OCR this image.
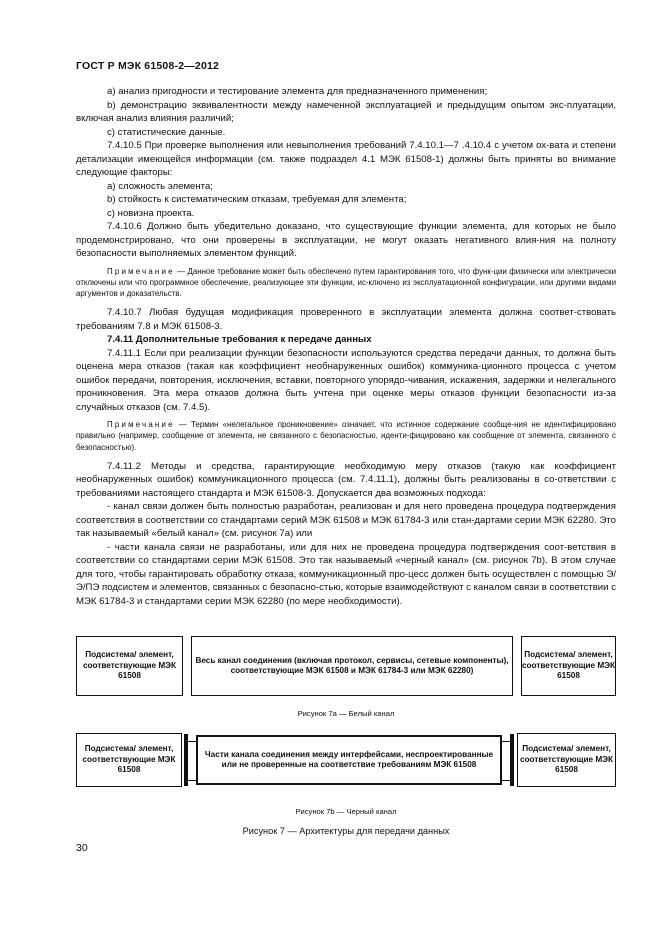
ГОСТ Р МЭК 61508-2—2012

а) анализ пригодности и тестирование элемента для предназначенного применения;

b) демонстрацию эквивалентности между намеченной эксплуатацией и предыдущим опытом экс-плуатации, включая анализ влияния различий;

с) статистические данные.

7.4.10.5 При проверке выполнения или невыполнения требований 7.4.10.1—7 .4.10.4 с учетом ох-вата и степени детализации имеющейся информации (см. также подраздел 4.1 МЭК 61508-1) должны быть приняты во внимание следующие факторы:

а) сложность элемента;

b) стойкость к систематическим отказам, требуемая для элемента;

с) новизна проекта.

7.4.10.6 Должно быть убедительно доказано, что существующие функции элемента, для которых не было продемонстрировано, что они проверены в эксплуатации, не могут оказать негативного влия-ния на полноту безопасности выполняемых элементом функций.

Примечание — Данное требование может быть обеспечено путем гарантирования того, что функ-ции физически или электрически отключены или что программное обеспечение, реализующее эти функции, ис-ключено из эксплуатационной конфигурации, или другими видами аргументов и доказательств.

7.4.10.7 Любая будущая модификация проверенного в эксплуатации элемента должна соответ-ствовать требованиям 7.8 и МЭК 61508-3.

7.4.11 Дополнительные требования к передаче данных

7.4.11.1 Если при реализации функции безопасности используются средства передачи данных, то должна быть оценена мера отказов (такая как коэффициент необнаруженных ошибок) коммуника-ционного процесса с учетом ошибок передачи, повторения, исключения, вставки, повторного упорядо-чивания, искажения, задержки и нелегального проникновения. Эта мера отказов должна быть учтена при оценке меры отказов функции безопасности из-за случайных отказов (см. 7.4.5).

Примечание — Термин «нелегальное проникновение» означает, что истинное содержание сообще-ния не идентифицировано правильно (например, сообщение от элемента, не связанного с безопасностью, иденти-фицировано как сообщение от элемента, связанного с безопасностью).

7.4.11.2 Методы и средства, гарантирующие необходимую меру отказов (такую как коэффициент необнаруженных ошибок) коммуникационного процесса (см. 7.4.11.1), должны быть реализованы в со-ответствии с требованиями настоящего стандарта и МЭК 61508-3. Допускается два возможных подхода:

- канал связи должен быть полностью разработан, реализован и для него проведена процедура подтверждения соответствия в соответствии со стандартами серий МЭК 61508 и МЭК 61784-3 или стан-дартами серии МЭК 62280. Это так называемый «белый канал» (см. рисунок 7а) или

- части канала связи не разработаны, или для них не проведена процедура подтверждения соот-ветствия в соответствии со стандартами серии МЭК 61508. Это так называемый «черный канал» (см. рисунок 7b). В этом случае для того, чтобы гарантировать обработку отказа, коммуникационный про-цесс должен быть осуществлен с помощью Э/Э/ПЭ подсистем и элементов, связанных с безопасно-стью, которые взаимодействуют с каналом связи в соответствии с МЭК 61784-3 и стандартами серии МЭК 62280 (по мере необходимости).

Подсистема/ элемент, соответствующие МЭК 61508
Весь канал соединения (включая протокол, сервисы, сетевые компоненты), соответствующие МЭК 61508 и МЭК 61784-3 или МЭК 62280)
Подсистема/ элемент, соответствующие МЭК 61508
Рисунок 7а — Белый канал
Подсистема/ элемент, соответствующие МЭК 61508
Части канала соединения между интерфейсами, неспроектированные или не проверенные на соответствие требованиям МЭК 61508
Подсистема/ элемент, соответствующие МЭК 61508
Рисунок 7b — Черный канал
Рисунок 7 — Архитектуры для передачи данных
30
